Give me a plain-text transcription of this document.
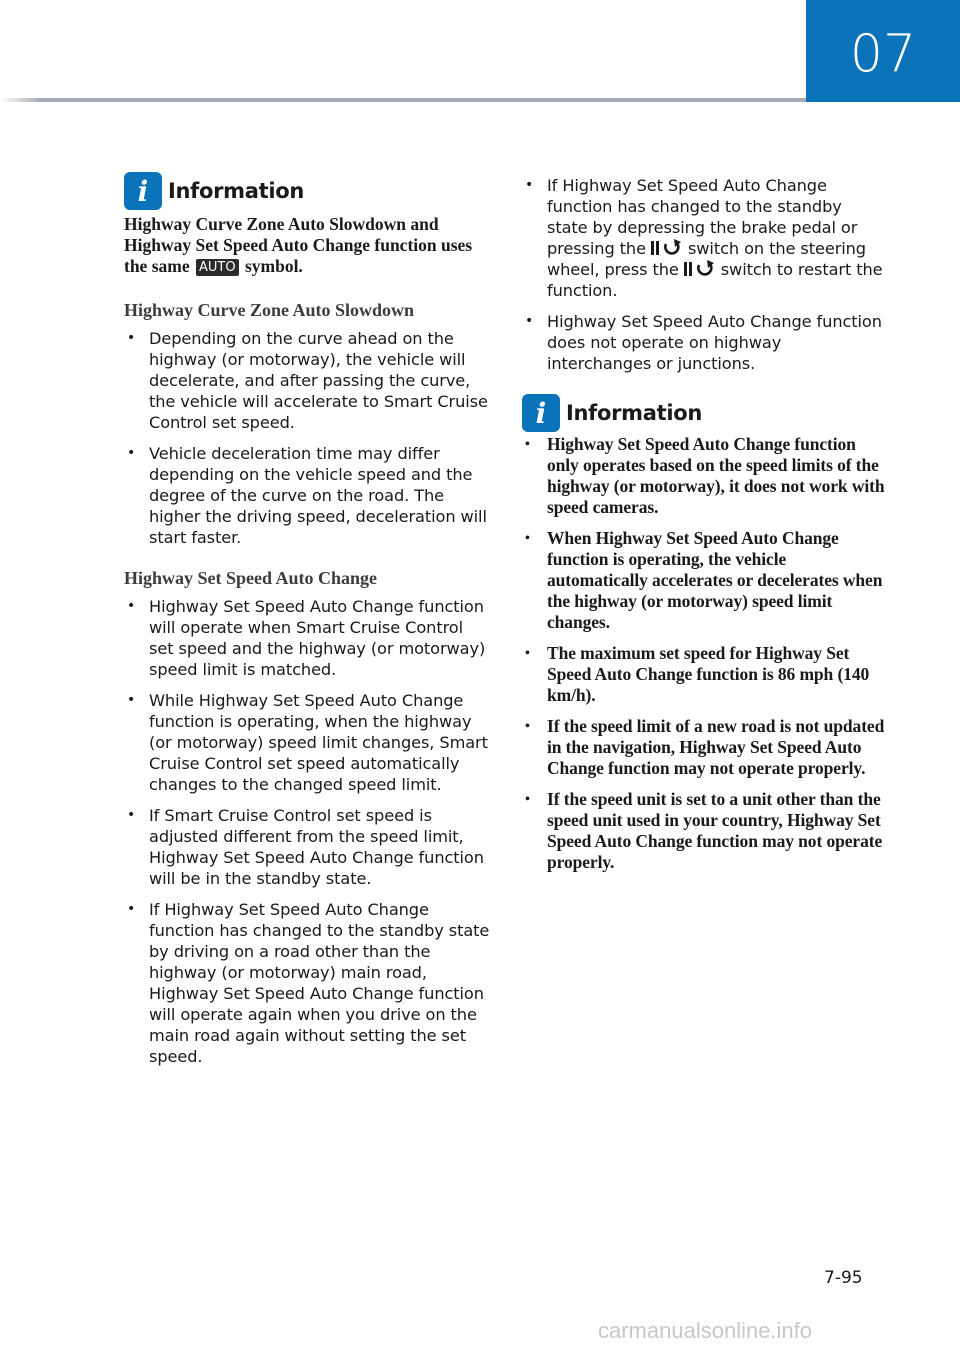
07
i Information
Highway Curve Zone Auto Slowdown and Highway Set Speed Auto Change function uses the same AUTO symbol.
Highway Curve Zone Auto Slowdown
• Depending on the curve ahead on the highway (or motorway), the vehicle will decelerate, and after passing the curve, the vehicle will accelerate to Smart Cruise Control set speed.
• Vehicle deceleration time may differ depending on the vehicle speed and the degree of the curve on the road. The higher the driving speed, deceleration will start faster.
Highway Set Speed Auto Change
• Highway Set Speed Auto Change function will operate when Smart Cruise Control set speed and the highway (or motorway) speed limit is matched.
• While Highway Set Speed Auto Change function is operating, when the highway (or motorway) speed limit changes, Smart Cruise Control set speed automatically changes to the changed speed limit.
• If Smart Cruise Control set speed is adjusted different from the speed limit, Highway Set Speed Auto Change function will be in the standby state.
• If Highway Set Speed Auto Change function has changed to the standby state by driving on a road other than the highway (or motorway) main road, Highway Set Speed Auto Change function will operate again when you drive on the main road again without setting the set speed.
• If Highway Set Speed Auto Change function has changed to the standby state by depressing the brake pedal or pressing the	switch on the steering wheel, press the	switch to restart the function.
• Highway Set Speed Auto Change function does not operate on highway interchanges or junctions.
i Information
• Highway Set Speed Auto Change function only operates based on the speed limits of the highway (or motorway), it does not work with speed cameras.
• When Highway Set Speed Auto Change function is operating, the vehicle automatically accelerates or decelerates when the highway (or motorway) speed limit changes.
• The maximum set speed for Highway Set Speed Auto Change function is 86 mph (140 km/h).
• If the speed limit of a new road is not updated in the navigation, Highway Set Speed Auto Change function may not operate properly.
• If the speed unit is set to a unit other than the speed unit used in your country, Highway Set Speed Auto Change function may not operate properly.
7-95
carmanualsonline.info
